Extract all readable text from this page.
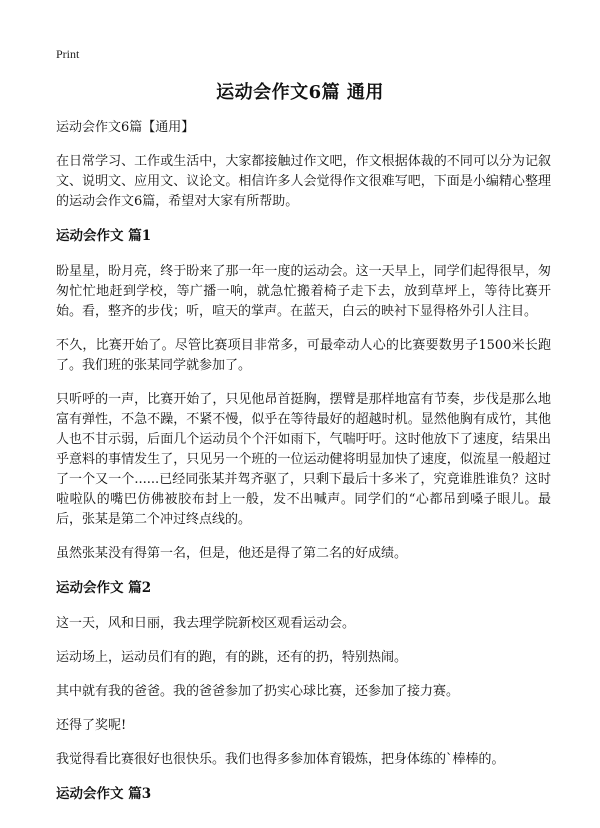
Print
运动会作文6篇 通用
运动会作文6篇【通用】

在日常学习、工作或生活中，大家都接触过作文吧，作文根据体裁的不同可以分为记叙文、说明文、应用文、议论文。相信许多人会觉得作文很难写吧，下面是小编精心整理的运动会作文6篇，希望对大家有所帮助。

运动会作文 篇1

盼星星，盼月亮，终于盼来了那一年一度的运动会。这一天早上，同学们起得很早，匆匆忙忙地赶到学校，等广播一响，就急忙搬着椅子走下去，放到草坪上，等待比赛开始。看，整齐的步伐；听，喧天的掌声。在蓝天，白云的映衬下显得格外引人注目。

不久，比赛开始了。尽管比赛项目非常多，可最牵动人心的比赛要数男子1500米长跑了。我们班的张某同学就参加了。

只听呼的一声，比赛开始了，只见他昂首挺胸，摆臂是那样地富有节奏，步伐是那么地富有弹性，不急不躁，不紧不慢，似乎在等待最好的超越时机。显然他胸有成竹，其他人也不甘示弱，后面几个运动员个个汗如雨下，气喘吁吁。这时他放下了速度，结果出乎意料的事情发生了，只见另一个班的一位运动健将明显加快了速度，似流星一般超过了一个又一个......已经同张某并驾齐驱了，只剩下最后十多米了，究竟谁胜谁负？这时啦啦队的嘴巴仿佛被胶布封上一般，发不出喊声。同学们的“心都吊到嗓子眼儿。最后，张某是第二个冲过终点线的。

虽然张某没有得第一名，但是，他还是得了第二名的好成绩。

运动会作文 篇2

这一天，风和日丽，我去理学院新校区观看运动会。

运动场上，运动员们有的跑，有的跳，还有的扔，特别热闹。

其中就有我的爸爸。我的爸爸参加了扔实心球比赛，还参加了接力赛。

还得了奖呢!

我觉得看比赛很好也很快乐。我们也得多参加体育锻炼，把身体练的`棒棒的。

运动会作文 篇3
